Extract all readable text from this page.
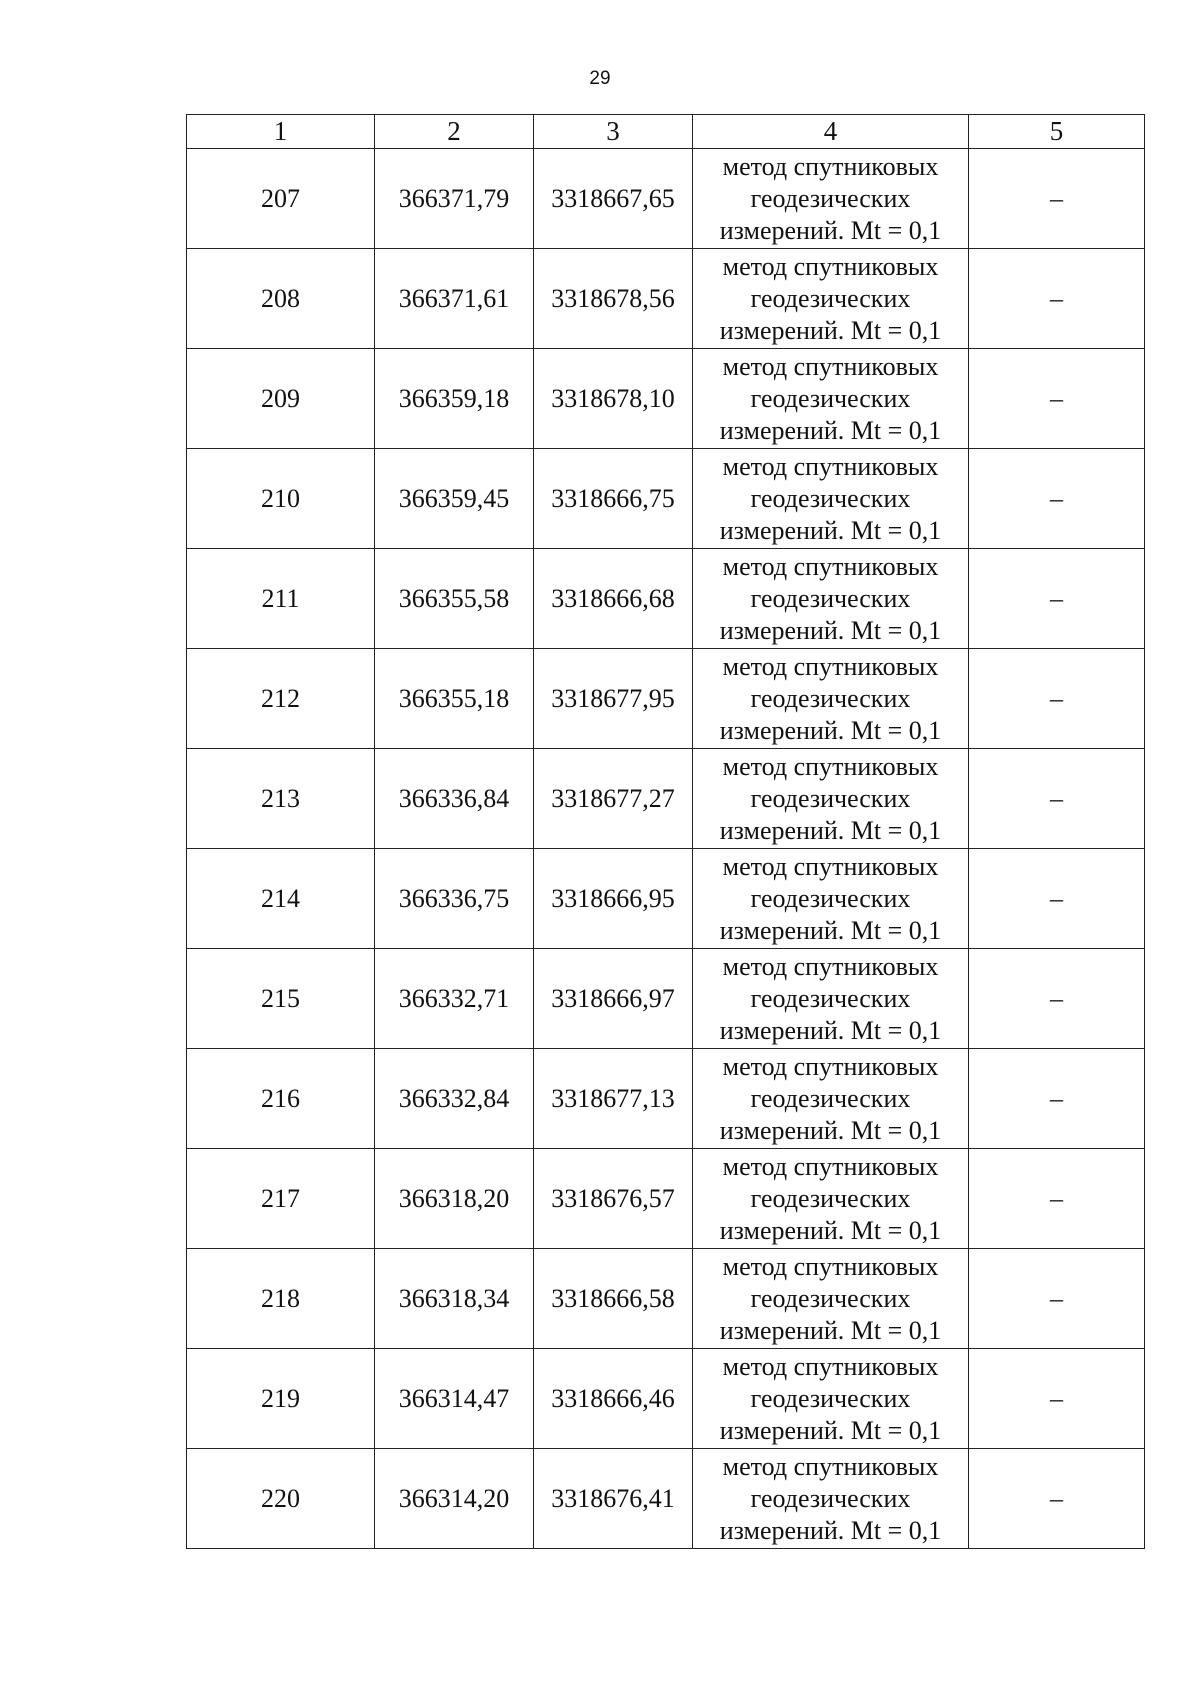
29
1	2	3	4	5
207	366371,79	3318667,65	метод спутниковых
геодезических
измерений. Mt = 0,1	–
208	366371,61	3318678,56	метод спутниковых
геодезических
измерений. Mt = 0,1	–
209	366359,18	3318678,10	метод спутниковых
геодезических
измерений. Mt = 0,1	–
210	366359,45	3318666,75	метод спутниковых
геодезических
измерений. Mt = 0,1	–
211	366355,58	3318666,68	метод спутниковых
геодезических
измерений. Mt = 0,1	–
212	366355,18	3318677,95	метод спутниковых
геодезических
измерений. Mt = 0,1	–
213	366336,84	3318677,27	метод спутниковых
геодезических
измерений. Mt = 0,1	–
214	366336,75	3318666,95	метод спутниковых
геодезических
измерений. Mt = 0,1	–
215	366332,71	3318666,97	метод спутниковых
геодезических
измерений. Mt = 0,1	–
216	366332,84	3318677,13	метод спутниковых
геодезических
измерений. Mt = 0,1	–
217	366318,20	3318676,57	метод спутниковых
геодезических
измерений. Mt = 0,1	–
218	366318,34	3318666,58	метод спутниковых
геодезических
измерений. Mt = 0,1	–
219	366314,47	3318666,46	метод спутниковых
геодезических
измерений. Mt = 0,1	–
220	366314,20	3318676,41	метод спутниковых
геодезических
измерений. Mt = 0,1	–
